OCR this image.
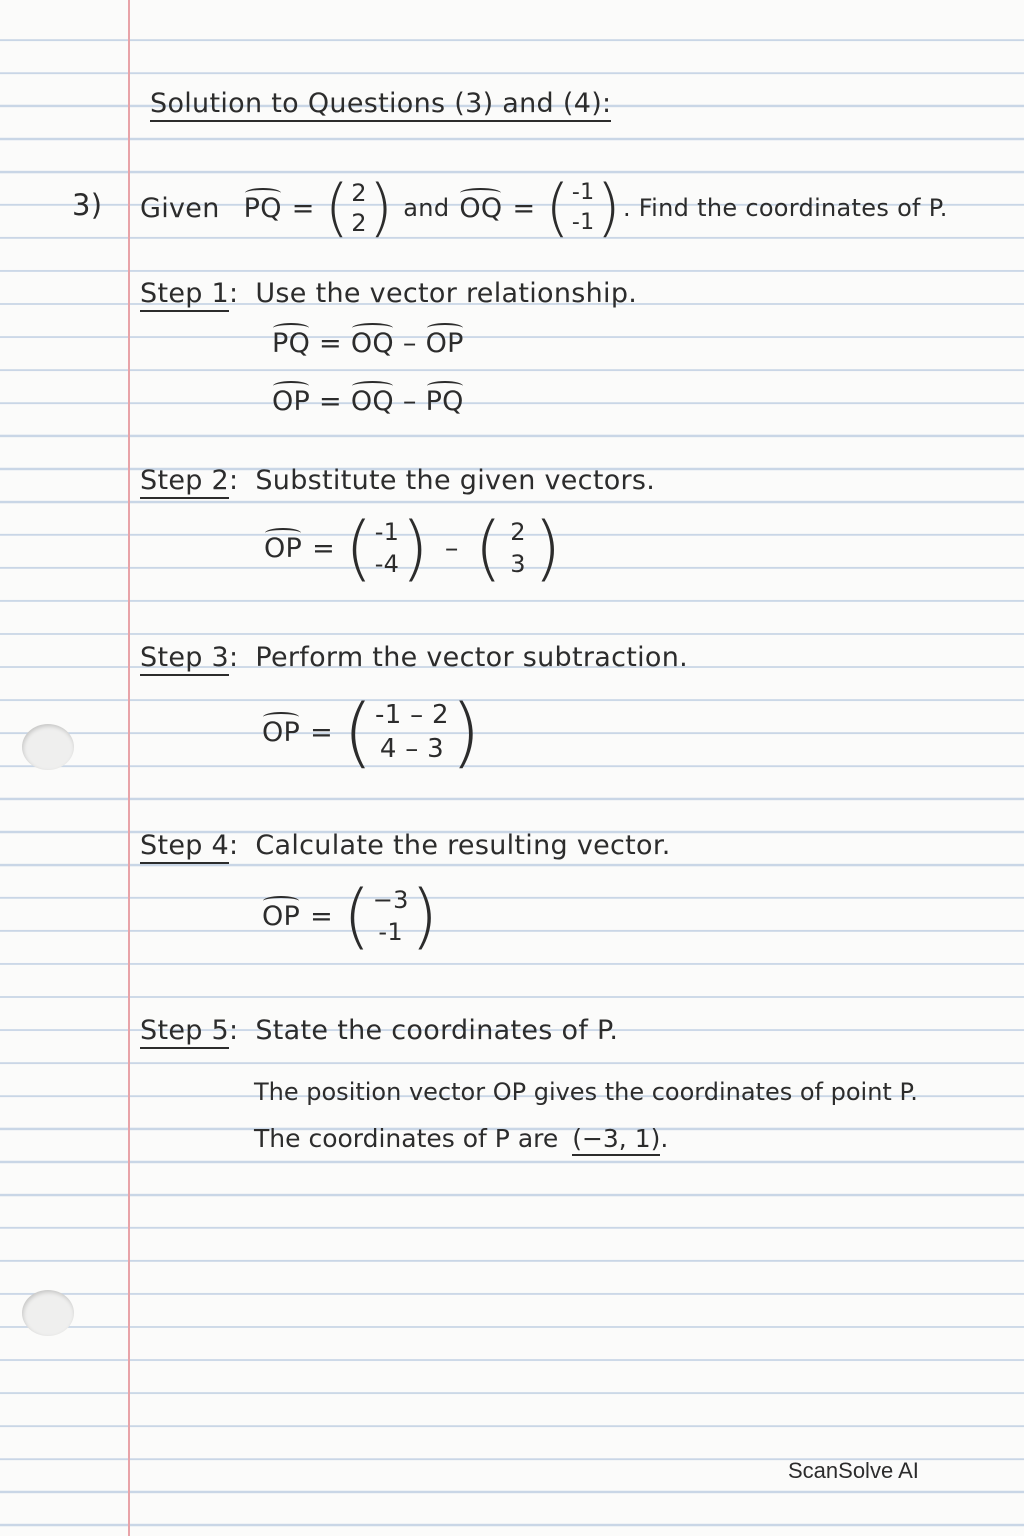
Solution to Questions (3) and (4):
3) Given PQ = ( 2
2 ) and OQ = ( -1
-1 ) . Find the coordinates of P.
Step 1: Use the vector relationship.
PQ = OQ – OP
OP = OQ – PQ
Step 2: Substitute the given vectors.
OP = ( -1
-4 ) – ( 2
3 )
Step 3: Perform the vector subtraction.
OP = ( -1 – 2
4 – 3 )
Step 4: Calculate the resulting vector.
OP = ( −3
-1 )
Step 5: State the coordinates of P.
The position vector OP gives the coordinates of point P.
The coordinates of P are (−3, 1).
ScanSolve AI
